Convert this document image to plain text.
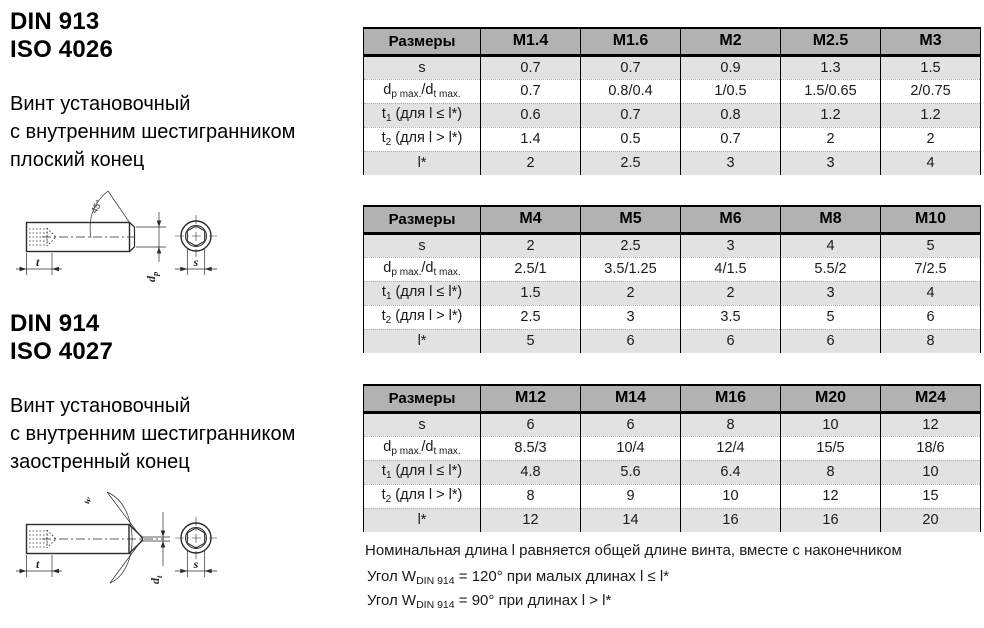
DIN 913
ISO 4026
Винт установочный
с внутренним шестигранником
плоский конец
t
$d_p$
s
45°
DIN 914
ISO 4027
Винт установочный
с внутренним шестигранником
заостренный конец
t
$d_t$
s
w
Размеры	M1.4	M1.6	M2	M2.5	M3
s	0.7	0.7	0.9	1.3	1.5
$d_{p max.}/d_{t max.}$	0.7	0.8/0.4	1/0.5	1.5/0.65	2/0.75
$t_1$ (для l ≤ l*)	0.6	0.7	0.8	1.2	1.2
$t_2$ (для l > l*)	1.4	0.5	0.7	2	2
l*	2	2.5	3	3	4
Размеры	M4	M5	M6	M8	M10
s	2	2.5	3	4	5
$d_{p max.}/d_{t max.}$	2.5/1	3.5/1.25	4/1.5	5.5/2	7/2.5
$t_1$ (для l ≤ l*)	1.5	2	2	3	4
$t_2$ (для l > l*)	2.5	3	3.5	5	6
l*	5	6	6	6	8
Размеры	M12	M14	M16	M20	M24
s	6	6	8	10	12
$d_{p max.}/d_{t max.}$	8.5/3	10/4	12/4	15/5	18/6
$t_1$ (для l ≤ l*)	4.8	5.6	6.4	8	10
$t_2$ (для l > l*)	8	9	10	12	15
l*	12	14	16	16	20
Номинальная длина l равняется общей длине винта, вместе с наконечником
Угол $W_{DIN 914} = 120^\circ$ при малых длинах l ≤ l*
Угол $W_{DIN 914} = 90^\circ$ при длинах l > l*
